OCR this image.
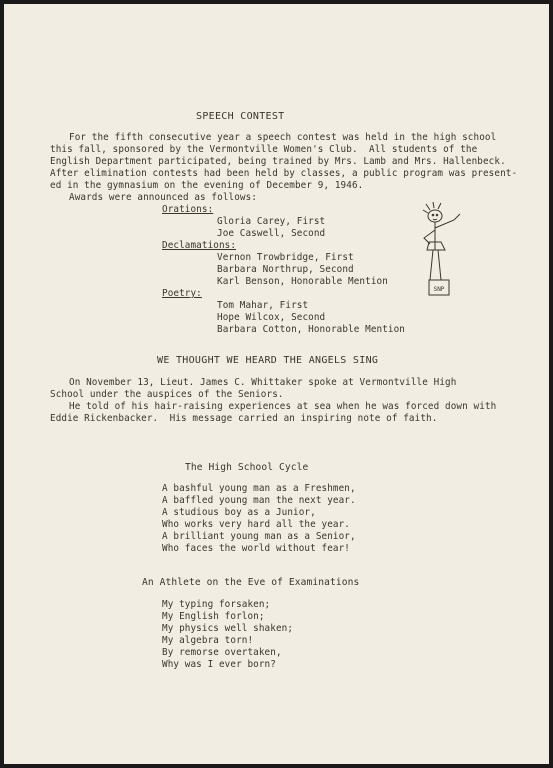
SPEECH CONTEST
For the fifth consecutive year a speech contest was held in the high school
this fall, sponsored by the Vermontville Women's Club.  All students of the
English Department participated, being trained by Mrs. Lamb and Mrs. Hallenbeck.
After elimination contests had been held by classes, a public program was present-
ed in the gymnasium on the evening of December 9, 1946.
Awards were announced as follows:
Orations:
Gloria Carey, First
Joe Caswell, Second
Declamations:
Vernon Trowbridge, First
Barbara Northrup, Second
Karl Benson, Honorable Mention
Poetry:
Tom Mahar, First
Hope Wilcox, Second
Barbara Cotton, Honorable Mention
SNP
WE THOUGHT WE HEARD THE ANGELS SING
On November 13, Lieut. James C. Whittaker spoke at Vermontville High
School under the auspices of the Seniors.
He told of his hair-raising experiences at sea when he was forced down with
Eddie Rickenbacker.  His message carried an inspiring note of faith.
The High School Cycle
A bashful young man as a Freshmen,
A baffled young man the next year.
A studious boy as a Junior,
Who works very hard all the year.
A brilliant young man as a Senior,
Who faces the world without fear!
An Athlete on the Eve of Examinations
My typing forsaken;
My English forlon;
My physics well shaken;
My algebra torn!
By remorse overtaken,
Why was I ever born?
